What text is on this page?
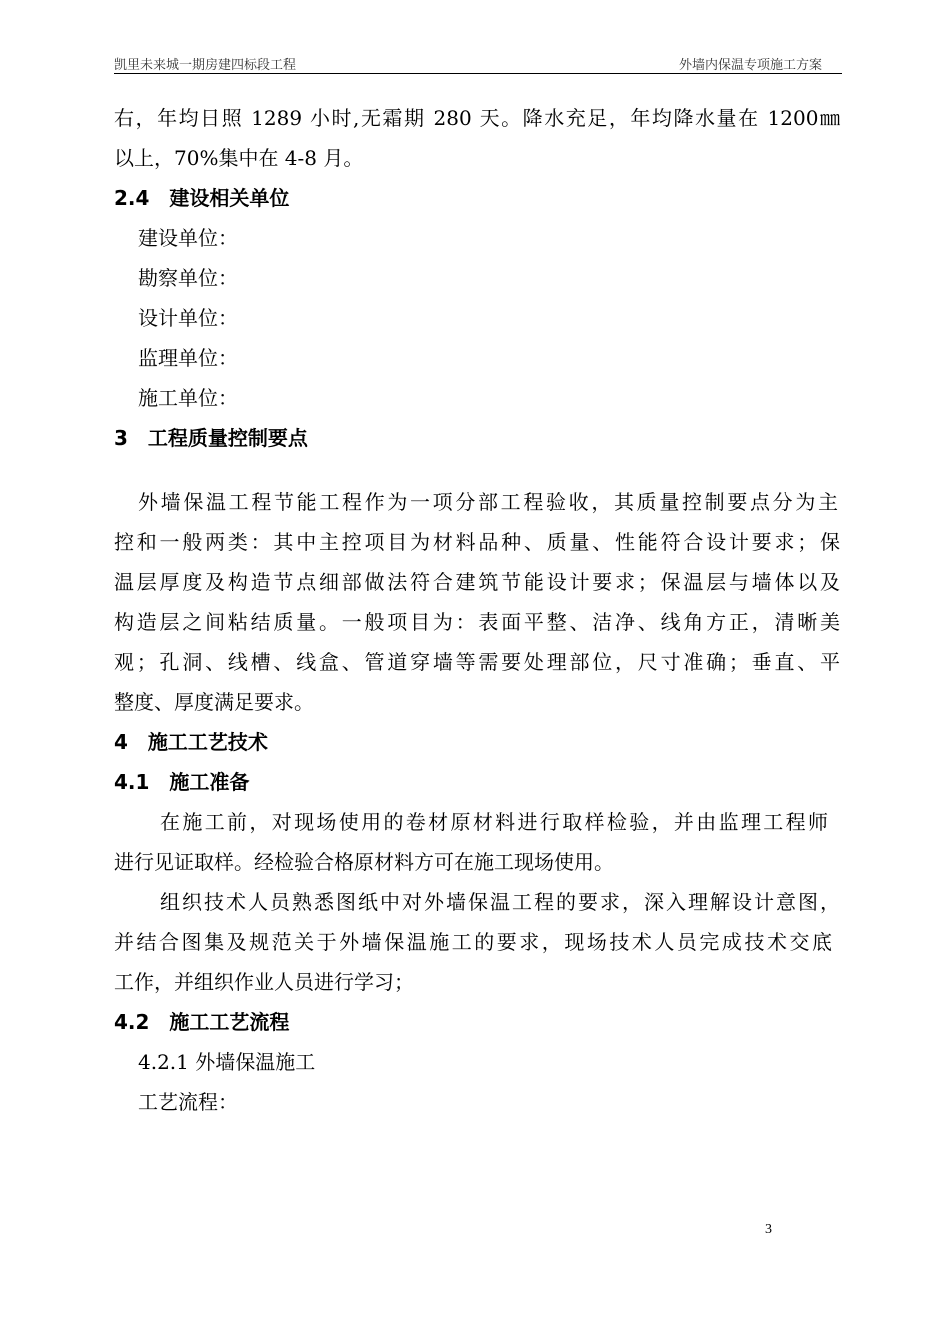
凯里未来城一期房建四标段工程	外墙内保温专项施工方案
右，年均日照 1289 小时,无霜期 280 天。降水充足，年均降水量在 1200㎜
以上，70%集中在 4-8 月。
2.4　建设相关单位
建设单位：
勘察单位：
设计单位：
监理单位：
施工单位：
3　工程质量控制要点
外墙保温工程节能工程作为一项分部工程验收，其质量控制要点分为主
控和一般两类：其中主控项目为材料品种、质量、性能符合设计要求；保
温层厚度及构造节点细部做法符合建筑节能设计要求；保温层与墙体以及
构造层之间粘结质量。一般项目为：表面平整、洁净、线角方正，清晰美
观；孔洞、线槽、线盒、管道穿墙等需要处理部位，尺寸准确；垂直、平
整度、厚度满足要求。
4　施工工艺技术
4.1　施工准备
在施工前，对现场使用的卷材原材料进行取样检验，并由监理工程师
进行见证取样。经检验合格原材料方可在施工现场使用。
组织技术人员熟悉图纸中对外墙保温工程的要求，深入理解设计意图，
并结合图集及规范关于外墙保温施工的要求，现场技术人员完成技术交底
工作，并组织作业人员进行学习；
4.2　施工工艺流程
4.2.1 外墙保温施工
工艺流程：
3
